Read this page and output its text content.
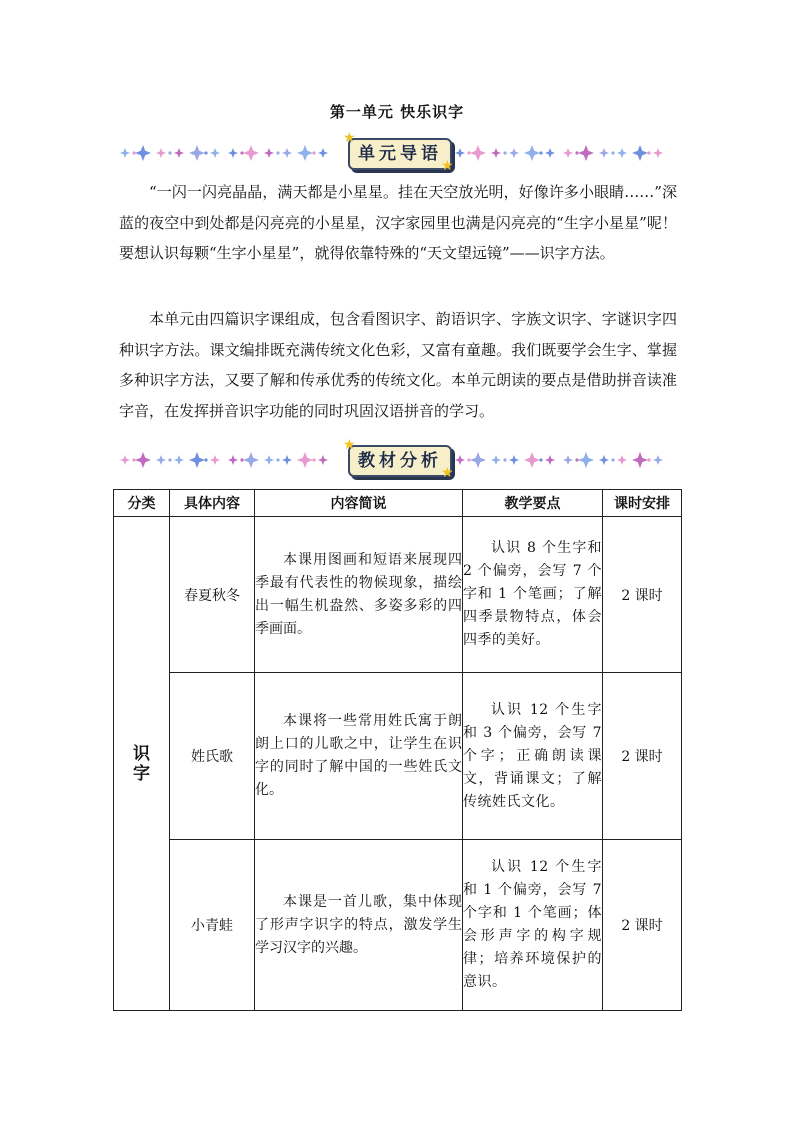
第一单元 快乐识字
单元导语
★
★

“一闪一闪亮晶晶，满天都是小星星。挂在天空放光明，好像许多小眼睛……”深蓝的夜空中到处都是闪亮亮的小星星，汉字家园里也满是闪亮亮的“生字小星星”呢！要想认识每颗“生字小星星”，就得依靠特殊的“天文望远镜”——识字方法。

本单元由四篇识字课组成，包含看图识字、韵语识字、字族文识字、字谜识字四种识字方法。课文编排既充满传统文化色彩，又富有童趣。我们既要学会生字、掌握多种识字方法，又要了解和传承优秀的传统文化。本单元朗读的要点是借助拼音读准字音，在发挥拼音识字功能的同时巩固汉语拼音的学习。

教材分析
★
★
分类	具体内容	内容简说	教学要点	课时安排
识字	春夏秋冬	本课用图画和短语来展现四季最有代表性的物候现象，描绘出一幅生机盎然、多姿多彩的四季画面。	认识 8 个生字和 2 个偏旁，会写 7 个字和 1 个笔画；了解四季景物特点，体会四季的美好。	2 课时
	姓氏歌	本课将一些常用姓氏寓于朗朗上口的儿歌之中，让学生在识字的同时了解中国的一些姓氏文化。	认识 12 个生字和 3 个偏旁，会写 7 个字；正确朗读课文，背诵课文；了解传统姓氏文化。	2 课时
	小青蛙	本课是一首儿歌，集中体现了形声字识字的特点，激发学生学习汉字的兴趣。	认识 12 个生字和 1 个偏旁，会写 7 个字和 1 个笔画；体会形声字的构字规律；培养环境保护的意识。	2 课时
